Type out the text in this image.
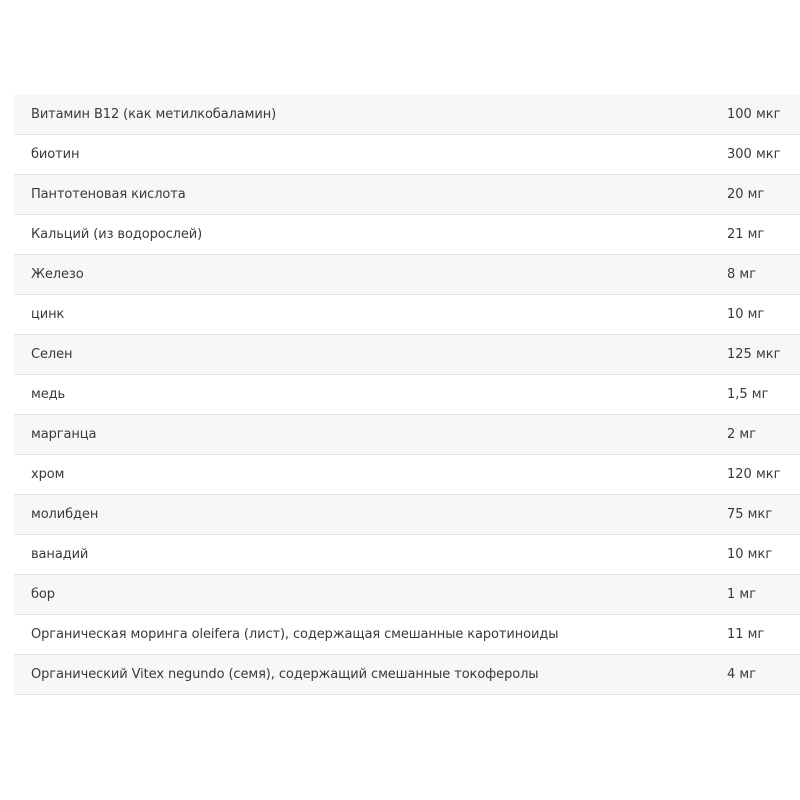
Витамин B12 (как метилкобаламин)	100 мкг
биотин	300 мкг
Пантотеновая кислота	20 мг
Кальций (из водорослей)	21 мг
Железо	8 мг
цинк	10 мг
Селен	125 мкг
медь	1,5 мг
марганца	2 мг
хром	120 мкг
молибден	75 мкг
ванадий	10 мкг
бор	1 мг
Органическая моринга oleifera (лист), содержащая смешанные каротиноиды	11 мг
Органический Vitex negundo (семя), содержащий смешанные токоферолы	4 мг
